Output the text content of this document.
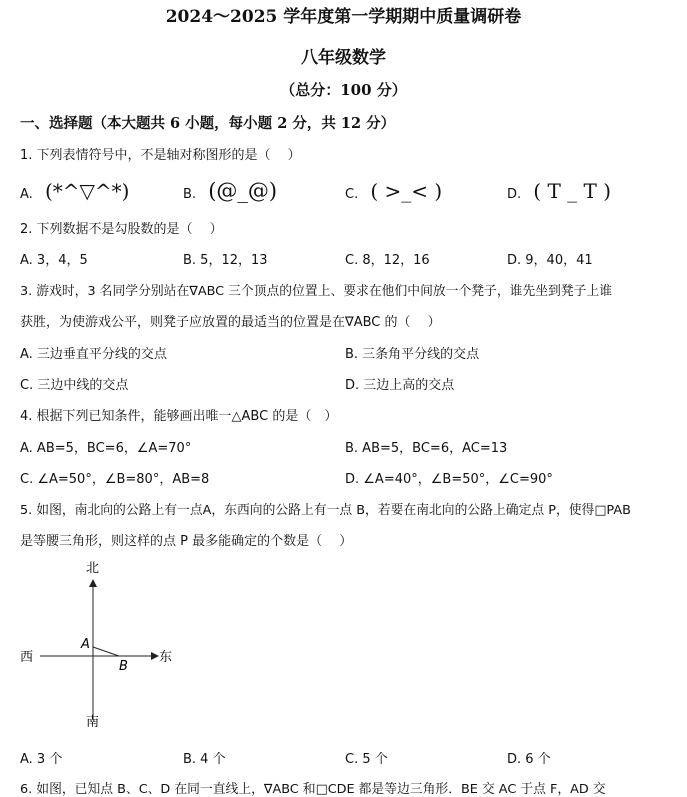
2024～2025 学年度第一学期期中质量调研卷
八年级数学
（总分：100 分）
一、选择题（本大题共 6 小题，每小题 2 分，共 12 分）
1. 下列表情符号中，不是轴对称图形的是（　 ）
A. (*^▽^*)	B. (@_@)	C. ( >_< )	D. ( T _ T )
2. 下列数据不是勾股数的是（　 ）
A. 3，4，5	B. 5，12，13	C. 8，12，16	D. 9，40，41
3. 游戏时，3 名同学分别站在∇ABC 三个顶点的位置上、要求在他们中间放一个凳子，谁先坐到凳子上谁
获胜，为使游戏公平，则凳子应放置的最适当的位置是在∇ABC 的（　 ）
A. 三边垂直平分线的交点	B. 三条角平分线的交点
C. 三边中线的交点	D. 三边上高的交点
4. 根据下列已知条件，能够画出唯一△ABC 的是（　）
A. AB=5，BC=6，∠A=70°	B. AB=5，BC=6，AC=13
C. ∠A=50°，∠B=80°，AB=8	D. ∠A=40°，∠B=50°，∠C=90°
5. 如图，南北向的公路上有一点A，东西向的公路上有一点 B，若要在南北向的公路上确定点 P，使得□PAB
是等腰三角形，则这样的点 P 最多能确定的个数是（　 ）
北
南
西	东
A
B
A. 3 个	B. 4 个	C. 5 个	D. 6 个
6. 如图，已知点 B、C、D 在同一直线上，∇ABC 和□CDE 都是等边三角形．BE 交 AC 于点 F，AD 交
